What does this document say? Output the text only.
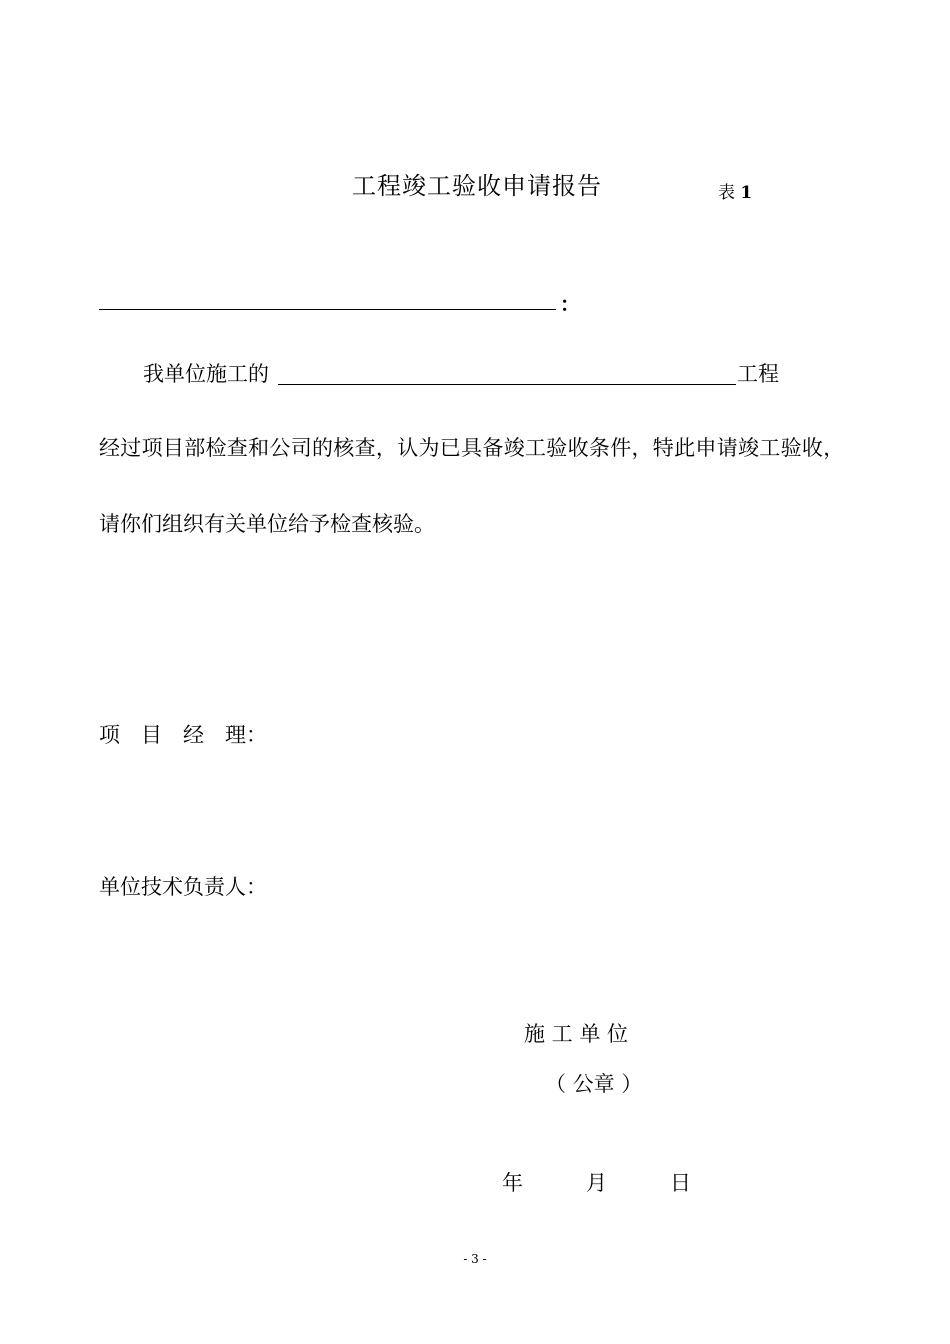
工程竣工验收申请报告	表 1
：
我单位施工的	工程
经过项目部检查和公司的核查，认为已具备竣工验收条件，特此申请竣工验收，
请你们组织有关单位给予检查核验。
项　目　经　理：
单位技术负责人：
施 工 单 位
（ 公章 ）
年　　　月　　　日
- 3 -
